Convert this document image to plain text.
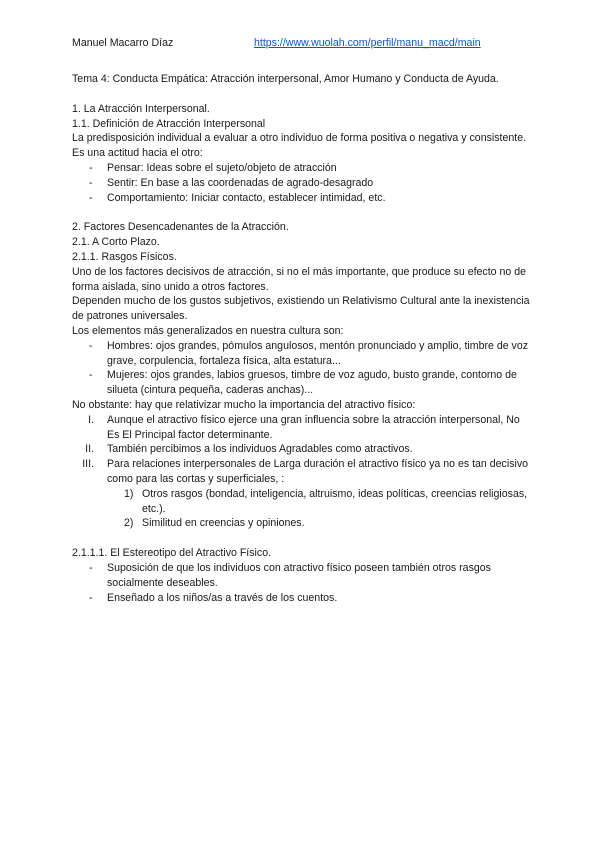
Manuel Macarro Díaz	https://www.wuolah.com/perfil/manu_macd/main
Tema 4: Conducta Empática: Atracción interpersonal, Amor Humano y Conducta de Ayuda.
1. La Atracción Interpersonal.
1.1. Definición de Atracción Interpersonal
La predisposición individual a evaluar a otro individuo de forma positiva o negativa y consistente.
Es una actitud hacia el otro:
- Pensar: Ideas sobre el sujeto/objeto de atracción
- Sentir: En base a las coordenadas de agrado-desagrado
- Comportamiento: Iniciar contacto, establecer intimidad, etc.
2. Factores Desencadenantes de la Atracción.
2.1. A Corto Plazo.
2.1.1. Rasgos Físicos.
Uno de los factores decisivos de atracción, si no el más importante, que produce su efecto no de forma aislada, sino unido a otros factores.
Dependen mucho de los gustos subjetivos, existiendo un Relativismo Cultural ante la inexistencia de patrones universales.
Los elementos más generalizados en nuestra cultura son:
- Hombres: ojos grandes, pómulos angulosos, mentón pronunciado y amplio, timbre de voz grave, corpulencia, fortaleza física, alta estatura...
- Mujeres: ojos grandes, labios gruesos, timbre de voz agudo, busto grande, contorno de silueta (cintura pequeña, caderas anchas)...
No obstante: hay que relativizar mucho la importancia del atractivo físico:
I. Aunque el atractivo físico ejerce una gran influencia sobre la atracción interpersonal, No Es El Principal factor determinante.
II. También percibimos a los individuos Agradables como atractivos.
III. Para relaciones interpersonales de Larga duración el atractivo físico ya no es tan decisivo como para las cortas y superficiales, :
1) Otros rasgos (bondad, inteligencia, altruismo, ideas políticas, creencias religiosas, etc.).
2) Similitud en creencias y opiniones.
2.1.1.1. El Estereotipo del Atractivo Físico.
- Suposición de que los individuos con atractivo físico poseen también otros rasgos socialmente deseables.
- Enseñado a los niños/as a través de los cuentos.
